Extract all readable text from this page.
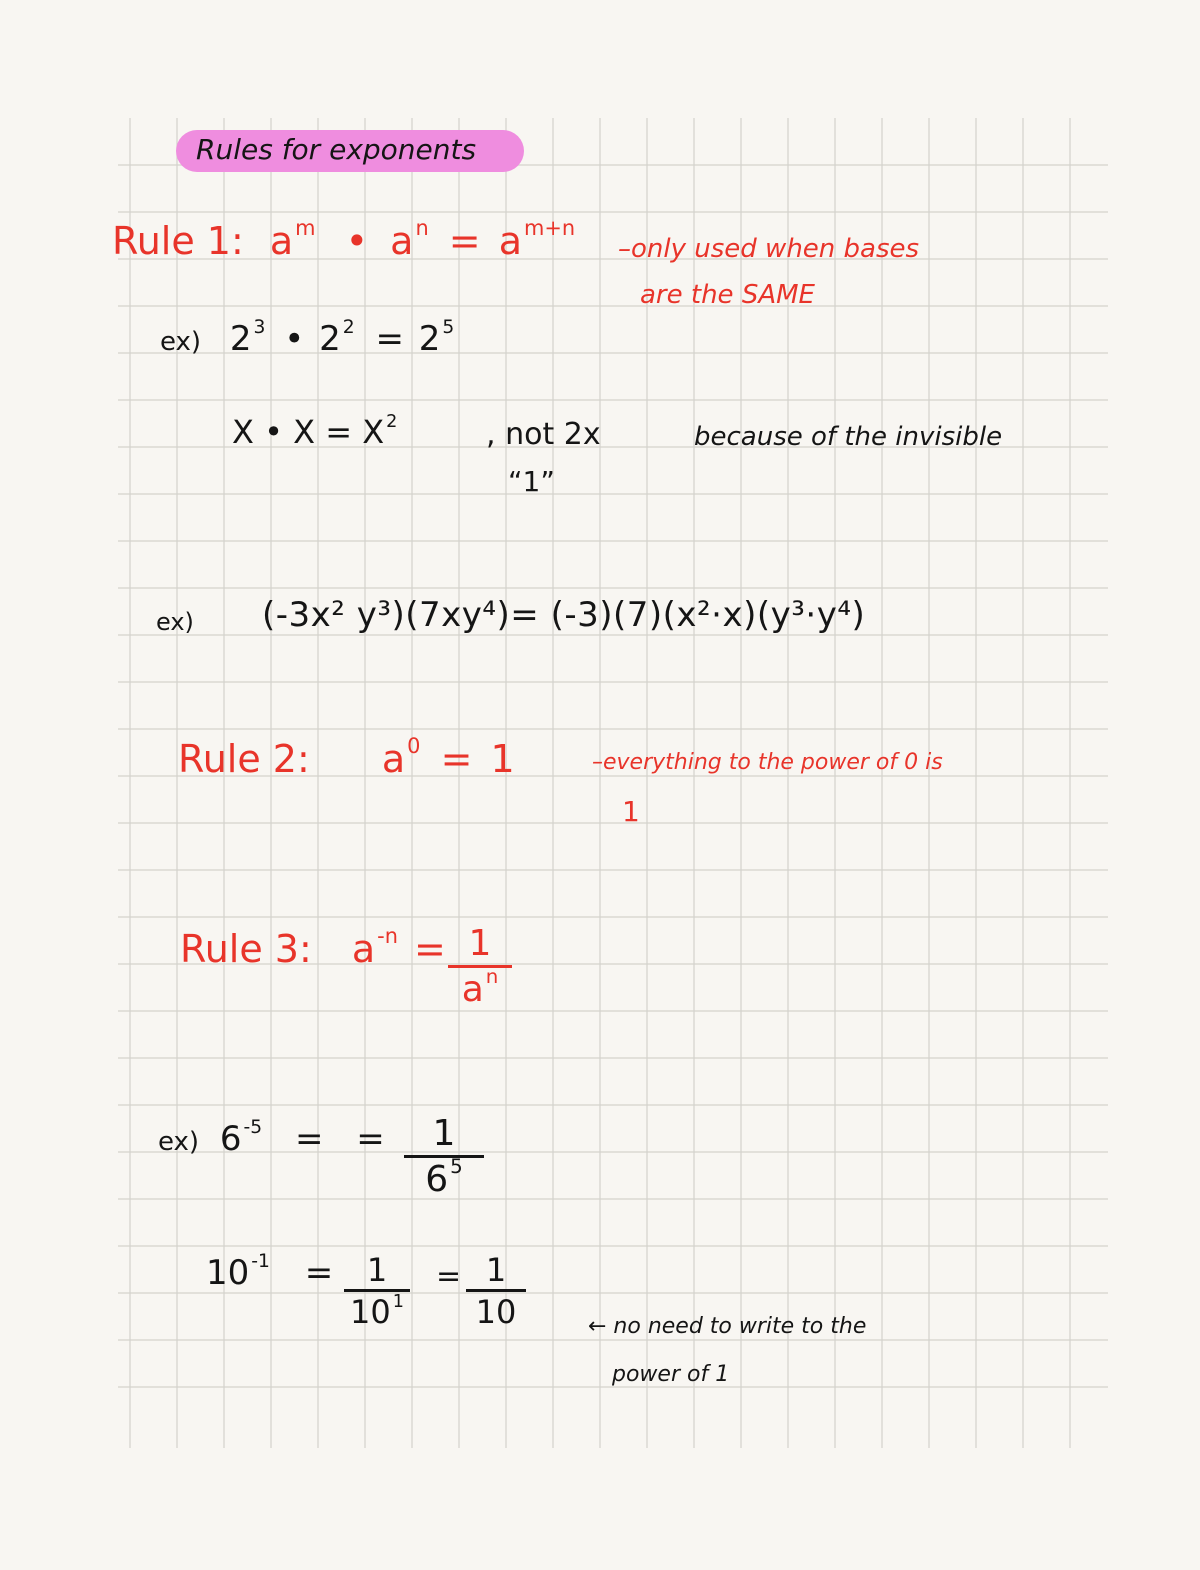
Rules for exponents
Rule 1: $a^m$ • $a^n = a^{m+n}$
–only used when bases
are the SAME
ex) 2 $^3$ • 2 $^2$ = 2 $^5$
X • X = X $^2$	, not 2x	because of the invisible
“1”
ex) (-3x² y³)(7xy⁴)= (-3)(7)(x²·x)(y³·y⁴)
Rule 2: $a^0 = 1$	–everything to the power of 0 is
1
Rule 3: $a^{-n} = 1$
a $^n$
ex) 6 $^{-5}$ = =	1
6 $^5$
10 $^{-1}$ =	1
10 $^1$
= 1
10	← no need to write to the
power of 1
